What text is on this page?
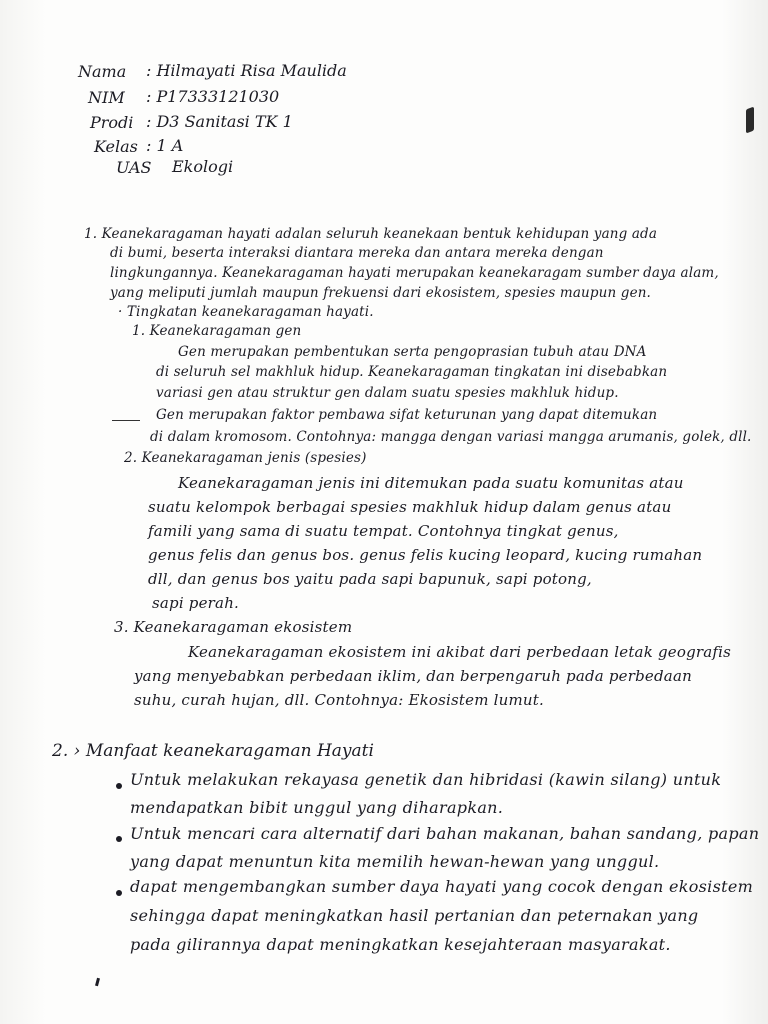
Nama : Hilmayati Risa Maulida
NIM : P17333121030
Prodi : D3 Sanitasi TK 1
Kelas : 1 A
UAS Ekologi
1. Keanekaragaman hayati adalan seluruh keanekaan bentuk kehidupan yang ada
di bumi, beserta interaksi diantara mereka dan antara mereka dengan
lingkungannya. Keanekaragaman hayati merupakan keanekaragam sumber daya alam,
yang meliputi jumlah maupun frekuensi dari ekosistem, spesies maupun gen.
· Tingkatan keanekaragaman hayati.
1. Keanekaragaman gen
Gen merupakan pembentukan serta pengoprasian tubuh atau DNA
di seluruh sel makhluk hidup. Keanekaragaman tingkatan ini disebabkan
variasi gen atau struktur gen dalam suatu spesies makhluk hidup.
Gen merupakan faktor pembawa sifat keturunan yang dapat ditemukan
di dalam kromosom. Contohnya: mangga dengan variasi mangga arumanis, golek, dll.
2. Keanekaragaman jenis (spesies)
Keanekaragaman jenis ini ditemukan pada suatu komunitas atau
suatu kelompok berbagai spesies makhluk hidup dalam genus atau
famili yang sama di suatu tempat. Contohnya tingkat genus,
genus felis dan genus bos. genus felis kucing leopard, kucing rumahan
dll, dan genus bos yaitu pada sapi bapunuk, sapi potong,
sapi perah.
3. Keanekaragaman ekosistem
Keanekaragaman ekosistem ini akibat dari perbedaan letak geografis
yang menyebabkan perbedaan iklim, dan berpengaruh pada perbedaan
suhu, curah hujan, dll. Contohnya: Ekosistem lumut.
2. › Manfaat keanekaragaman Hayati
Untuk melakukan rekayasa genetik dan hibridasi (kawin silang) untuk
mendapatkan bibit unggul yang diharapkan.
Untuk mencari cara alternatif dari bahan makanan, bahan sandang, papan
yang dapat menuntun kita memilih hewan-hewan yang unggul.
dapat mengembangkan sumber daya hayati yang cocok dengan ekosistem
sehingga dapat meningkatkan hasil pertanian dan peternakan yang
pada gilirannya dapat meningkatkan kesejahteraan masyarakat.
